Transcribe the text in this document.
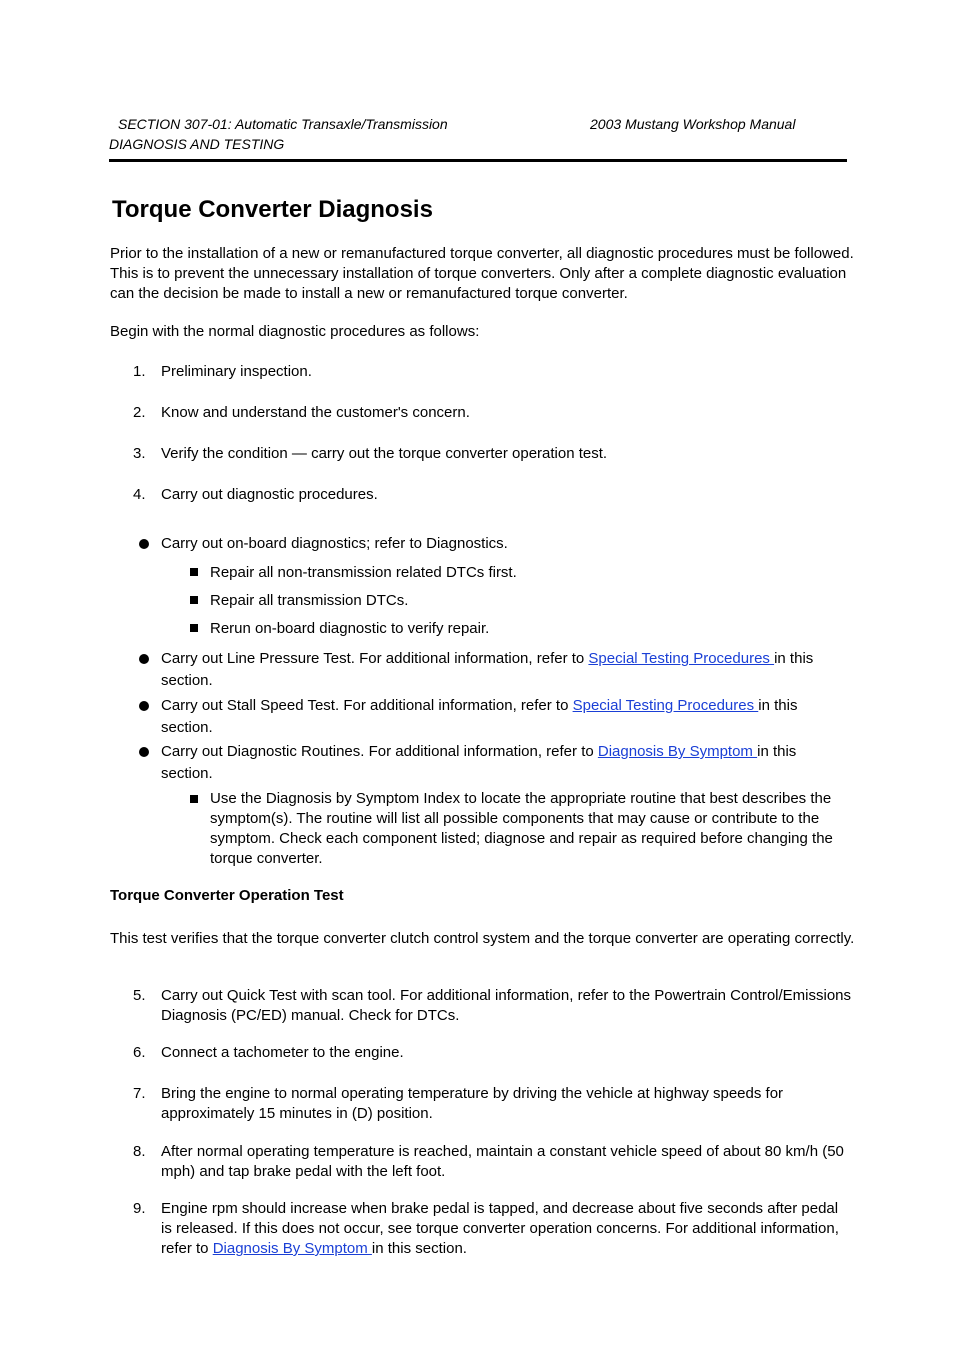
SECTION 307-01: Automatic Transaxle/Transmission	2003 Mustang Workshop Manual
DIAGNOSIS AND TESTING
Torque Converter Diagnosis

Prior to the installation of a new or remanufactured torque converter, all diagnostic procedures must be followed. This is to prevent the unnecessary installation of torque converters. Only after a complete diagnostic evaluation can the decision be made to install a new or remanufactured torque converter.

Begin with the normal diagnostic procedures as follows:

1. Preliminary inspection.
2. Know and understand the customer's concern.
3. Verify the condition — carry out the torque converter operation test.
4. Carry out diagnostic procedures.
Carry out on-board diagnostics; refer to Diagnostics.
Repair all non-transmission related DTCs first.
Repair all transmission DTCs.
Rerun on-board diagnostic to verify repair.
Carry out Line Pressure Test. For additional information, refer to Special Testing Procedures in this section.
Carry out Stall Speed Test. For additional information, refer to Special Testing Procedures in this section.
Carry out Diagnostic Routines. For additional information, refer to Diagnosis By Symptom in this section.
Use the Diagnosis by Symptom Index to locate the appropriate routine that best describes the symptom(s). The routine will list all possible components that may cause or contribute to the symptom. Check each component listed; diagnose and repair as required before changing the torque converter.
Torque Converter Operation Test

This test verifies that the torque converter clutch control system and the torque converter are operating correctly.

5. Carry out Quick Test with scan tool. For additional information, refer to the Powertrain Control/Emissions Diagnosis (PC/ED) manual. Check for DTCs.
6. Connect a tachometer to the engine.
7. Bring the engine to normal operating temperature by driving the vehicle at highway speeds for approximately 15 minutes in (D) position.
8. After normal operating temperature is reached, maintain a constant vehicle speed of about 80 km/h (50 mph) and tap brake pedal with the left foot.
9. Engine rpm should increase when brake pedal is tapped, and decrease about five seconds after pedal is released. If this does not occur, see torque converter operation concerns. For additional information, refer to Diagnosis By Symptom in this section.
